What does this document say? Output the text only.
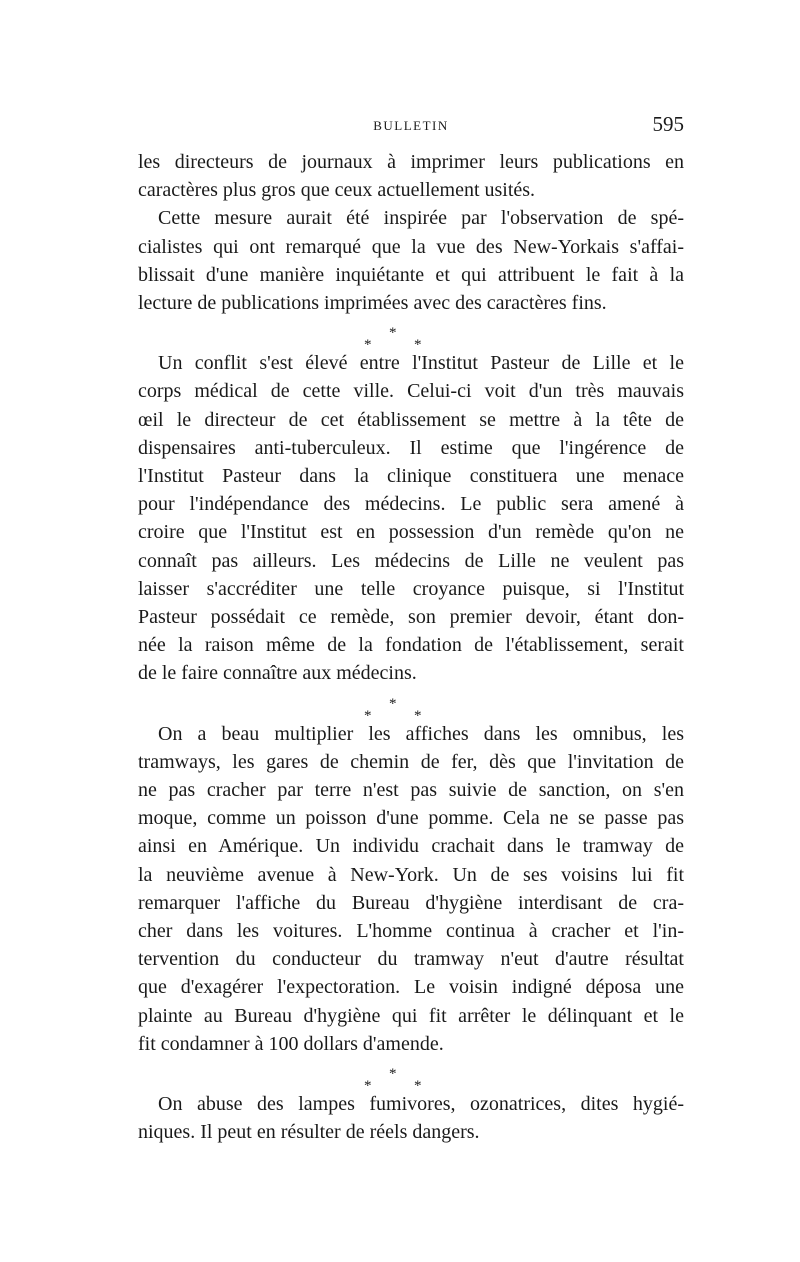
BULLETIN	595

les directeurs de journaux à imprimer leurs publications en
caractères plus gros que ceux actuellement usités.

Cette mesure aurait été inspirée par l'observation de spé-
cialistes qui ont remarqué que la vue des New-Yorkais s'affai-
blissait d'une manière inquiétante et qui attribuent le fait à la
lecture de publications imprimées avec des caractères fins.

*
*
*

Un conflit s'est élevé entre l'Institut Pasteur de Lille et le
corps médical de cette ville. Celui-ci voit d'un très mauvais
œil le directeur de cet établissement se mettre à la tête de
dispensaires anti-tuberculeux. Il estime que l'ingérence de
l'Institut Pasteur dans la clinique constituera une menace
pour l'indépendance des médecins. Le public sera amené à
croire que l'Institut est en possession d'un remède qu'on ne
connaît pas ailleurs. Les médecins de Lille ne veulent pas
laisser s'accréditer une telle croyance puisque, si l'Institut
Pasteur possédait ce remède, son premier devoir, étant don-
née la raison même de la fondation de l'établissement, serait
de le faire connaître aux médecins.

*
*
*

On a beau multiplier les affiches dans les omnibus, les
tramways, les gares de chemin de fer, dès que l'invitation de
ne pas cracher par terre n'est pas suivie de sanction, on s'en
moque, comme un poisson d'une pomme. Cela ne se passe pas
ainsi en Amérique. Un individu crachait dans le tramway de
la neuvième avenue à New-York. Un de ses voisins lui fit
remarquer l'affiche du Bureau d'hygiène interdisant de cra-
cher dans les voitures. L'homme continua à cracher et l'in-
tervention du conducteur du tramway n'eut d'autre résultat
que d'exagérer l'expectoration. Le voisin indigné déposa une
plainte au Bureau d'hygiène qui fit arrêter le délinquant et le
fit condamner à 100 dollars d'amende.

*
*
*

On abuse des lampes fumivores, ozonatrices, dites hygié-
niques. Il peut en résulter de réels dangers.
